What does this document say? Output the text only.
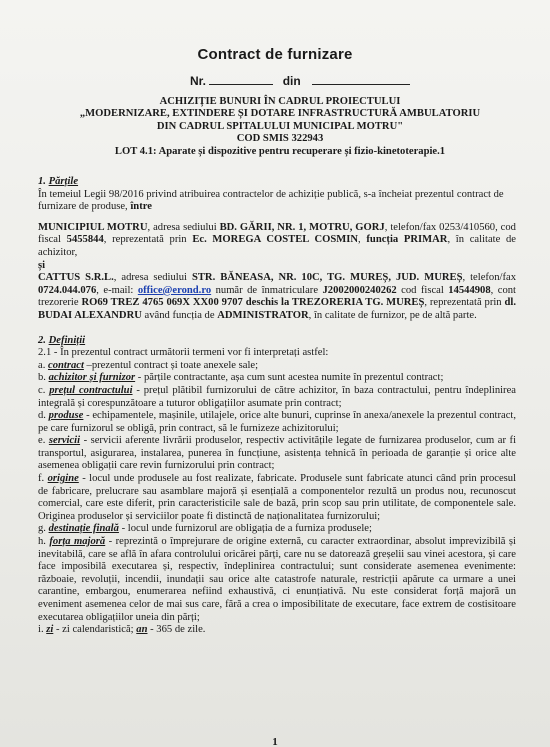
Contract de furnizare
Nr.	din
ACHIZIȚIE BUNURI ÎN CADRUL PROIECTULUI
„MODERNIZARE, EXTINDERE ȘI DOTARE INFRASTRUCTURĂ AMBULATORIU
DIN CADRUL SPITALULUI MUNICIPAL MOTRU"
COD SMIS 322943
LOT 4.1: Aparate și dispozitive pentru recuperare și fizio-kinetoterapie.1

1. Părțile

În temeiul Legii 98/2016 privind atribuirea contractelor de achiziție publică, s-a încheiat prezentul contract de furnizare de produse, între

MUNICIPIUL MOTRU, adresa sediului BD. GĂRII, NR. 1, MOTRU, GORJ, telefon/fax 0253/410560, cod fiscal 5455844, reprezentată prin Ec. MOREGA COSTEL COSMIN, funcția PRIMAR, în calitate de achizitor,

și

CATTUS S.R.L., adresa sediului STR. BĂNEASA, NR. 10C, TG. MUREȘ, JUD. MUREȘ, telefon/fax 0724.044.076, e-mail: office@erond.ro număr de înmatriculare J2002000240262 cod fiscal 14544908, cont trezorerie RO69 TREZ 4765 069X XX00 9707 deschis la TREZORERIA TG. MUREȘ, reprezentată prin dl. BUDAI ALEXANDRU având funcția de ADMINISTRATOR, în calitate de furnizor, pe de altă parte.

2. Definiții

2.1 - În prezentul contract următorii termeni vor fi interpretați astfel:

a. contract –prezentul contract și toate anexele sale;

b. achizitor și furnizor - părțile contractante, așa cum sunt acestea numite în prezentul contract;

c. prețul contractului - prețul plătibil furnizorului de către achizitor, în baza contractului, pentru îndeplinirea integrală și corespunzătoare a tuturor obligațiilor asumate prin contract;

d. produse - echipamentele, mașinile, utilajele, orice alte bunuri, cuprinse în anexa/anexele la prezentul contract, pe care furnizorul se obligă, prin contract, să le furnizeze achizitorului;

e. servicii - servicii aferente livrării produselor, respectiv activitățile legate de furnizarea produselor, cum ar fi transportul, asigurarea, instalarea, punerea în funcțiune, asistența tehnică în perioada de garanție și orice alte asemenea obligații care revin furnizorului prin contract;

f. origine - locul unde produsele au fost realizate, fabricate. Produsele sunt fabricate atunci când prin procesul de fabricare, prelucrare sau asamblare majoră și esențială a componentelor rezultă un produs nou, recunoscut comercial, care este diferit, prin caracteristicile sale de bază, prin scop sau prin utilitate, de componentele sale. Originea produselor și serviciilor poate fi distinctă de naționalitatea furnizorului;

g. destinație finală - locul unde furnizorul are obligația de a furniza produsele;

h. forța majoră - reprezintă o împrejurare de origine externă, cu caracter extraordinar, absolut imprevizibilă și inevitabilă, care se află în afara controlului oricărei părți, care nu se datorează greșelii sau vinei acestora, și care face imposibilă executarea și, respectiv, îndeplinirea contractului; sunt considerate asemenea evenimente: războaie, revoluții, incendii, inundații sau orice alte catastrofe naturale, restricții apărute ca urmare a unei carantine, embargou, enumerarea nefiind exhaustivă, ci enunțiativă. Nu este considerat forță majoră un eveniment asemenea celor de mai sus care, fără a crea o imposibilitate de executare, face extrem de costisitoare executarea obligațiilor uneia din părți;

i. zi - zi calendaristică; an - 365 de zile.

1
